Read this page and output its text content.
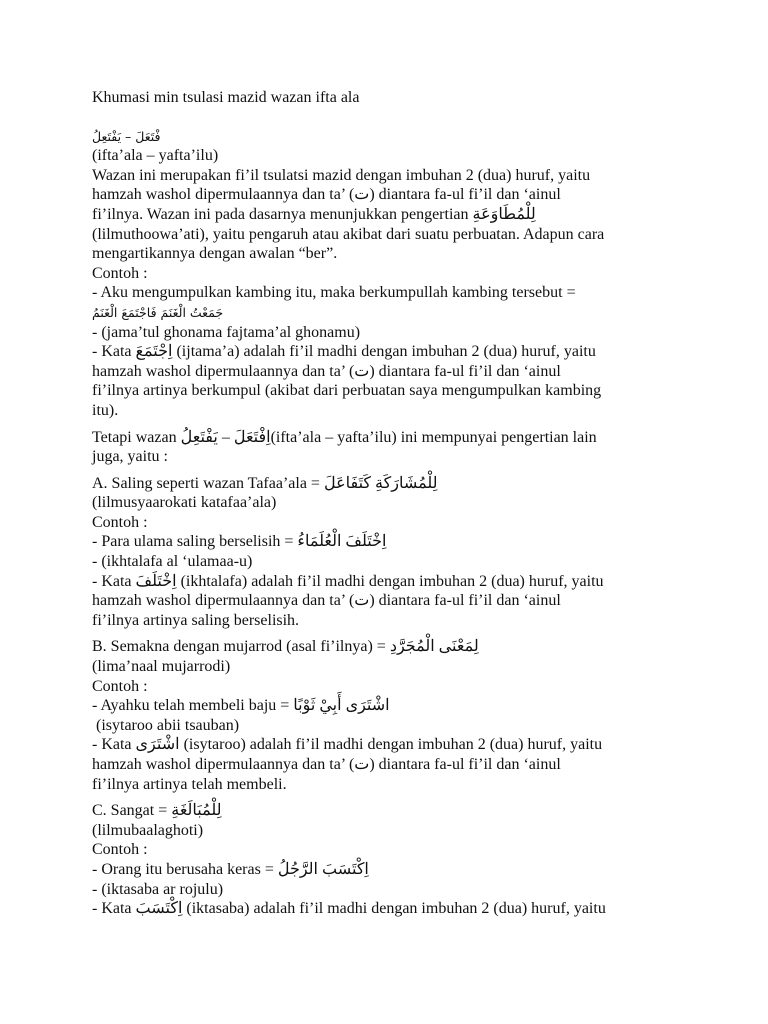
Khumasi min tsulasi mazid wazan ifta ala
فْتَعَلَ – يَفْتَعِلُ
(ifta’ala – yafta’ilu)
Wazan ini merupakan fi’il tsulatsi mazid dengan imbuhan 2 (dua) huruf, yaitu
hamzah washol dipermulaannya dan ta’ (ت) diantara fa-ul fi’il dan ‘ainul
fi’ilnya. Wazan ini pada dasarnya menunjukkan pengertian لِلْمُطَاوَعَةِ
(lilmuthoowa’ati), yaitu pengaruh atau akibat dari suatu perbuatan. Adapun cara
mengartikannya dengan awalan “ber”.
Contoh :
- Aku mengumpulkan kambing itu, maka berkumpullah kambing tersebut =
جَمَعْتُ الْغَنَمَ فَاجْتَمَعَ الْغَنَمُ
- (jama’tul ghonama fajtama’al ghonamu)
- Kata اِجْتَمَعَ (ijtama’a) adalah fi’il madhi dengan imbuhan 2 (dua) huruf, yaitu
hamzah washol dipermulaannya dan ta’ (ت) diantara fa-ul fi’il dan ‘ainul
fi’ilnya artinya berkumpul (akibat dari perbuatan saya mengumpulkan kambing
itu).
Tetapi wazan اِفْتَعَلَ – يَفْتَعِلُ(ifta’ala – yafta’ilu) ini mempunyai pengertian lain
juga, yaitu :
A. Saling seperti wazan Tafaa’ala = لِلْمُشَارَكَةِ كَتَفَاعَلَ
(lilmusyaarokati katafaa’ala)
Contoh :
- Para ulama saling berselisih = اِخْتَلَفَ الْعُلَمَاءُ
- (ikhtalafa al ‘ulamaa-u)
- Kata اِخْتَلَفَ (ikhtalafa) adalah fi’il madhi dengan imbuhan 2 (dua) huruf, yaitu
hamzah washol dipermulaannya dan ta’ (ت) diantara fa-ul fi’il dan ‘ainul
fi’ilnya artinya saling berselisih.
B. Semakna dengan mujarrod (asal fi’ilnya) = لِمَعْنَى الْمُجَرَّدِ
(lima’naal mujarrodi)
Contoh :
- Ayahku telah membeli baju = اشْتَرَى أَبِيْ ثَوْبًا
(isytaroo abii tsauban)
- Kata اشْتَرَى (isytaroo) adalah fi’il madhi dengan imbuhan 2 (dua) huruf, yaitu
hamzah washol dipermulaannya dan ta’ (ت) diantara fa-ul fi’il dan ‘ainul
fi’ilnya artinya telah membeli.
C. Sangat = لِلْمُبَالَغَةِ
(lilmubaalaghoti)
Contoh :
- Orang itu berusaha keras = اِكْتَسَبَ الرَّجُلُ
- (iktasaba ar rojulu)
- Kata اِكْتَسَبَ (iktasaba) adalah fi’il madhi dengan imbuhan 2 (dua) huruf, yaitu
